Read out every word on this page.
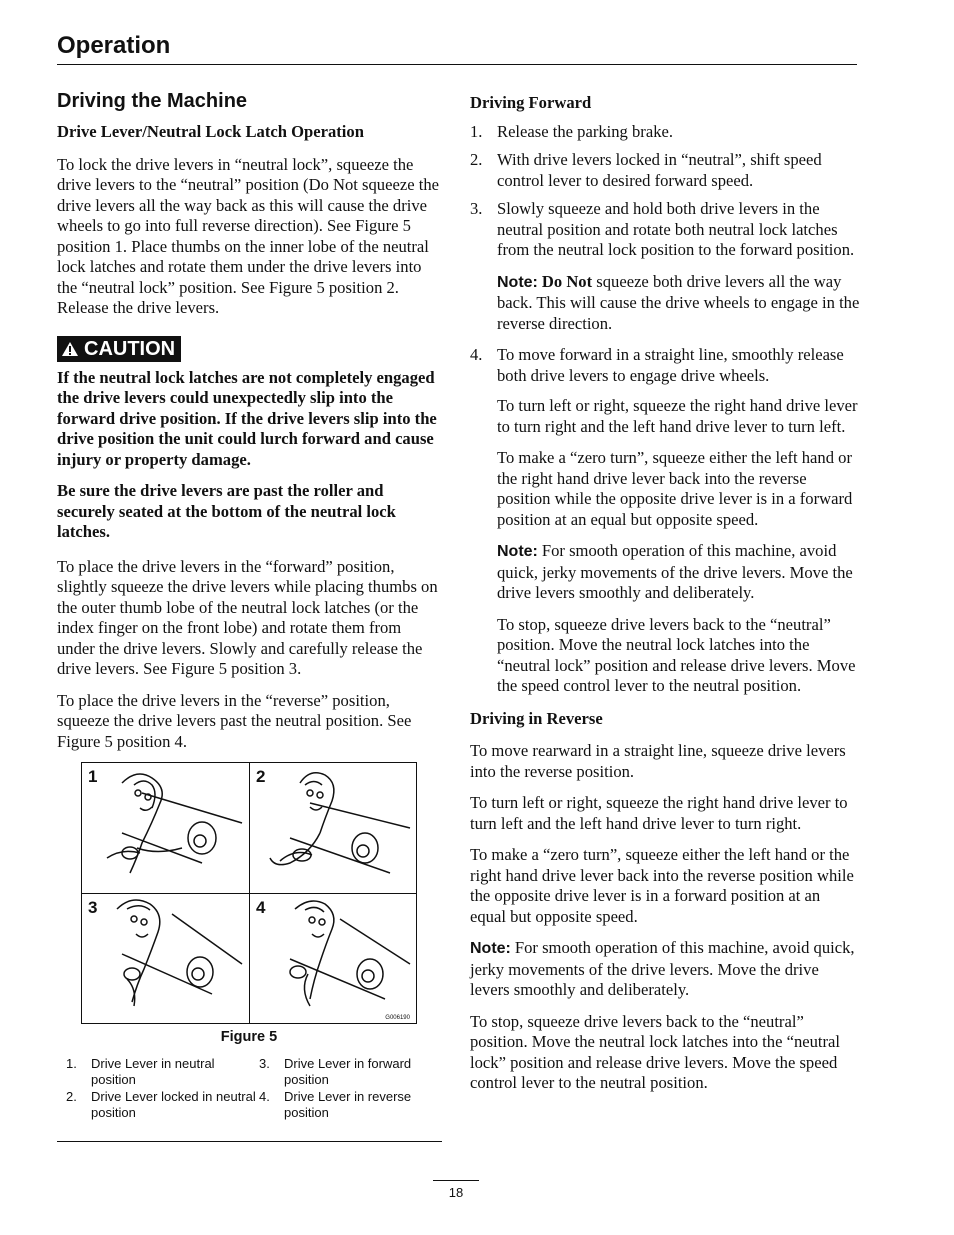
Operation
Driving the Machine
Drive Lever/Neutral Lock Latch Operation

To lock the drive levers in “neutral lock”, squeeze the drive levers to the “neutral” position (Do Not squeeze the drive levers all the way back as this will cause the drive wheels to go into full reverse direction). See Figure 5 position 1. Place thumbs on the inner lobe of the neutral lock latches and rotate them under the drive levers into the “neutral lock” position. See Figure 5 position 2. Release the drive levers.

CAUTION

If the neutral lock latches are not completely engaged the drive levers could unexpectedly slip into the forward drive position. If the drive levers slip into the drive position the unit could lurch forward and cause injury or property damage.

Be sure the drive levers are past the roller and securely seated at the bottom of the neutral lock latches.

To place the drive levers in the “forward” position, slightly squeeze the drive levers while placing thumbs on the outer thumb lobe of the neutral lock latches (or the index finger on the front lobe) and rotate them from under the drive levers. Slowly and carefully release the drive levers. See Figure 5 position 3.

To place the drive levers in the “reverse” position, squeeze the drive levers past the neutral position. See Figure 5 position 4.

1	2
3	4
G006190
Figure 5
1. Drive Lever in neutral position
2. Drive Lever locked in neutral position
3. Drive Lever in forward position
4. Drive Lever in reverse position
Driving Forward
1. Release the parking brake.
2. With drive levers locked in “neutral”, shift speed control lever to desired forward speed.
3. Slowly squeeze and hold both drive levers in the neutral position and rotate both neutral lock latches from the neutral lock position to the forward position.

Note: Do Not squeeze both drive levers all the way back. This will cause the drive wheels to engage in the reverse direction.

4. To move forward in a straight line, smoothly release both drive levers to engage drive wheels.

To turn left or right, squeeze the right hand drive lever to turn right and the left hand drive lever to turn left.

To make a “zero turn”, squeeze either the left hand or the right hand drive lever back into the reverse position while the opposite drive lever is in a forward position at an equal but opposite speed.

Note: For smooth operation of this machine, avoid quick, jerky movements of the drive levers. Move the drive levers smoothly and deliberately.

To stop, squeeze drive levers back to the “neutral” position. Move the neutral lock latches into the “neutral lock” position and release drive levers. Move the speed control lever to the neutral position.

Driving in Reverse

To move rearward in a straight line, squeeze drive levers into the reverse position.

To turn left or right, squeeze the right hand drive lever to turn left and the left hand drive lever to turn right.

To make a “zero turn”, squeeze either the left hand or the right hand drive lever back into the reverse position while the opposite drive lever is in a forward position at an equal but opposite speed.

Note: For smooth operation of this machine, avoid quick, jerky movements of the drive levers. Move the drive levers smoothly and deliberately.

To stop, squeeze drive levers back to the “neutral” position. Move the neutral lock latches into the “neutral lock” position and release drive levers. Move the speed control lever to the neutral position.

18
